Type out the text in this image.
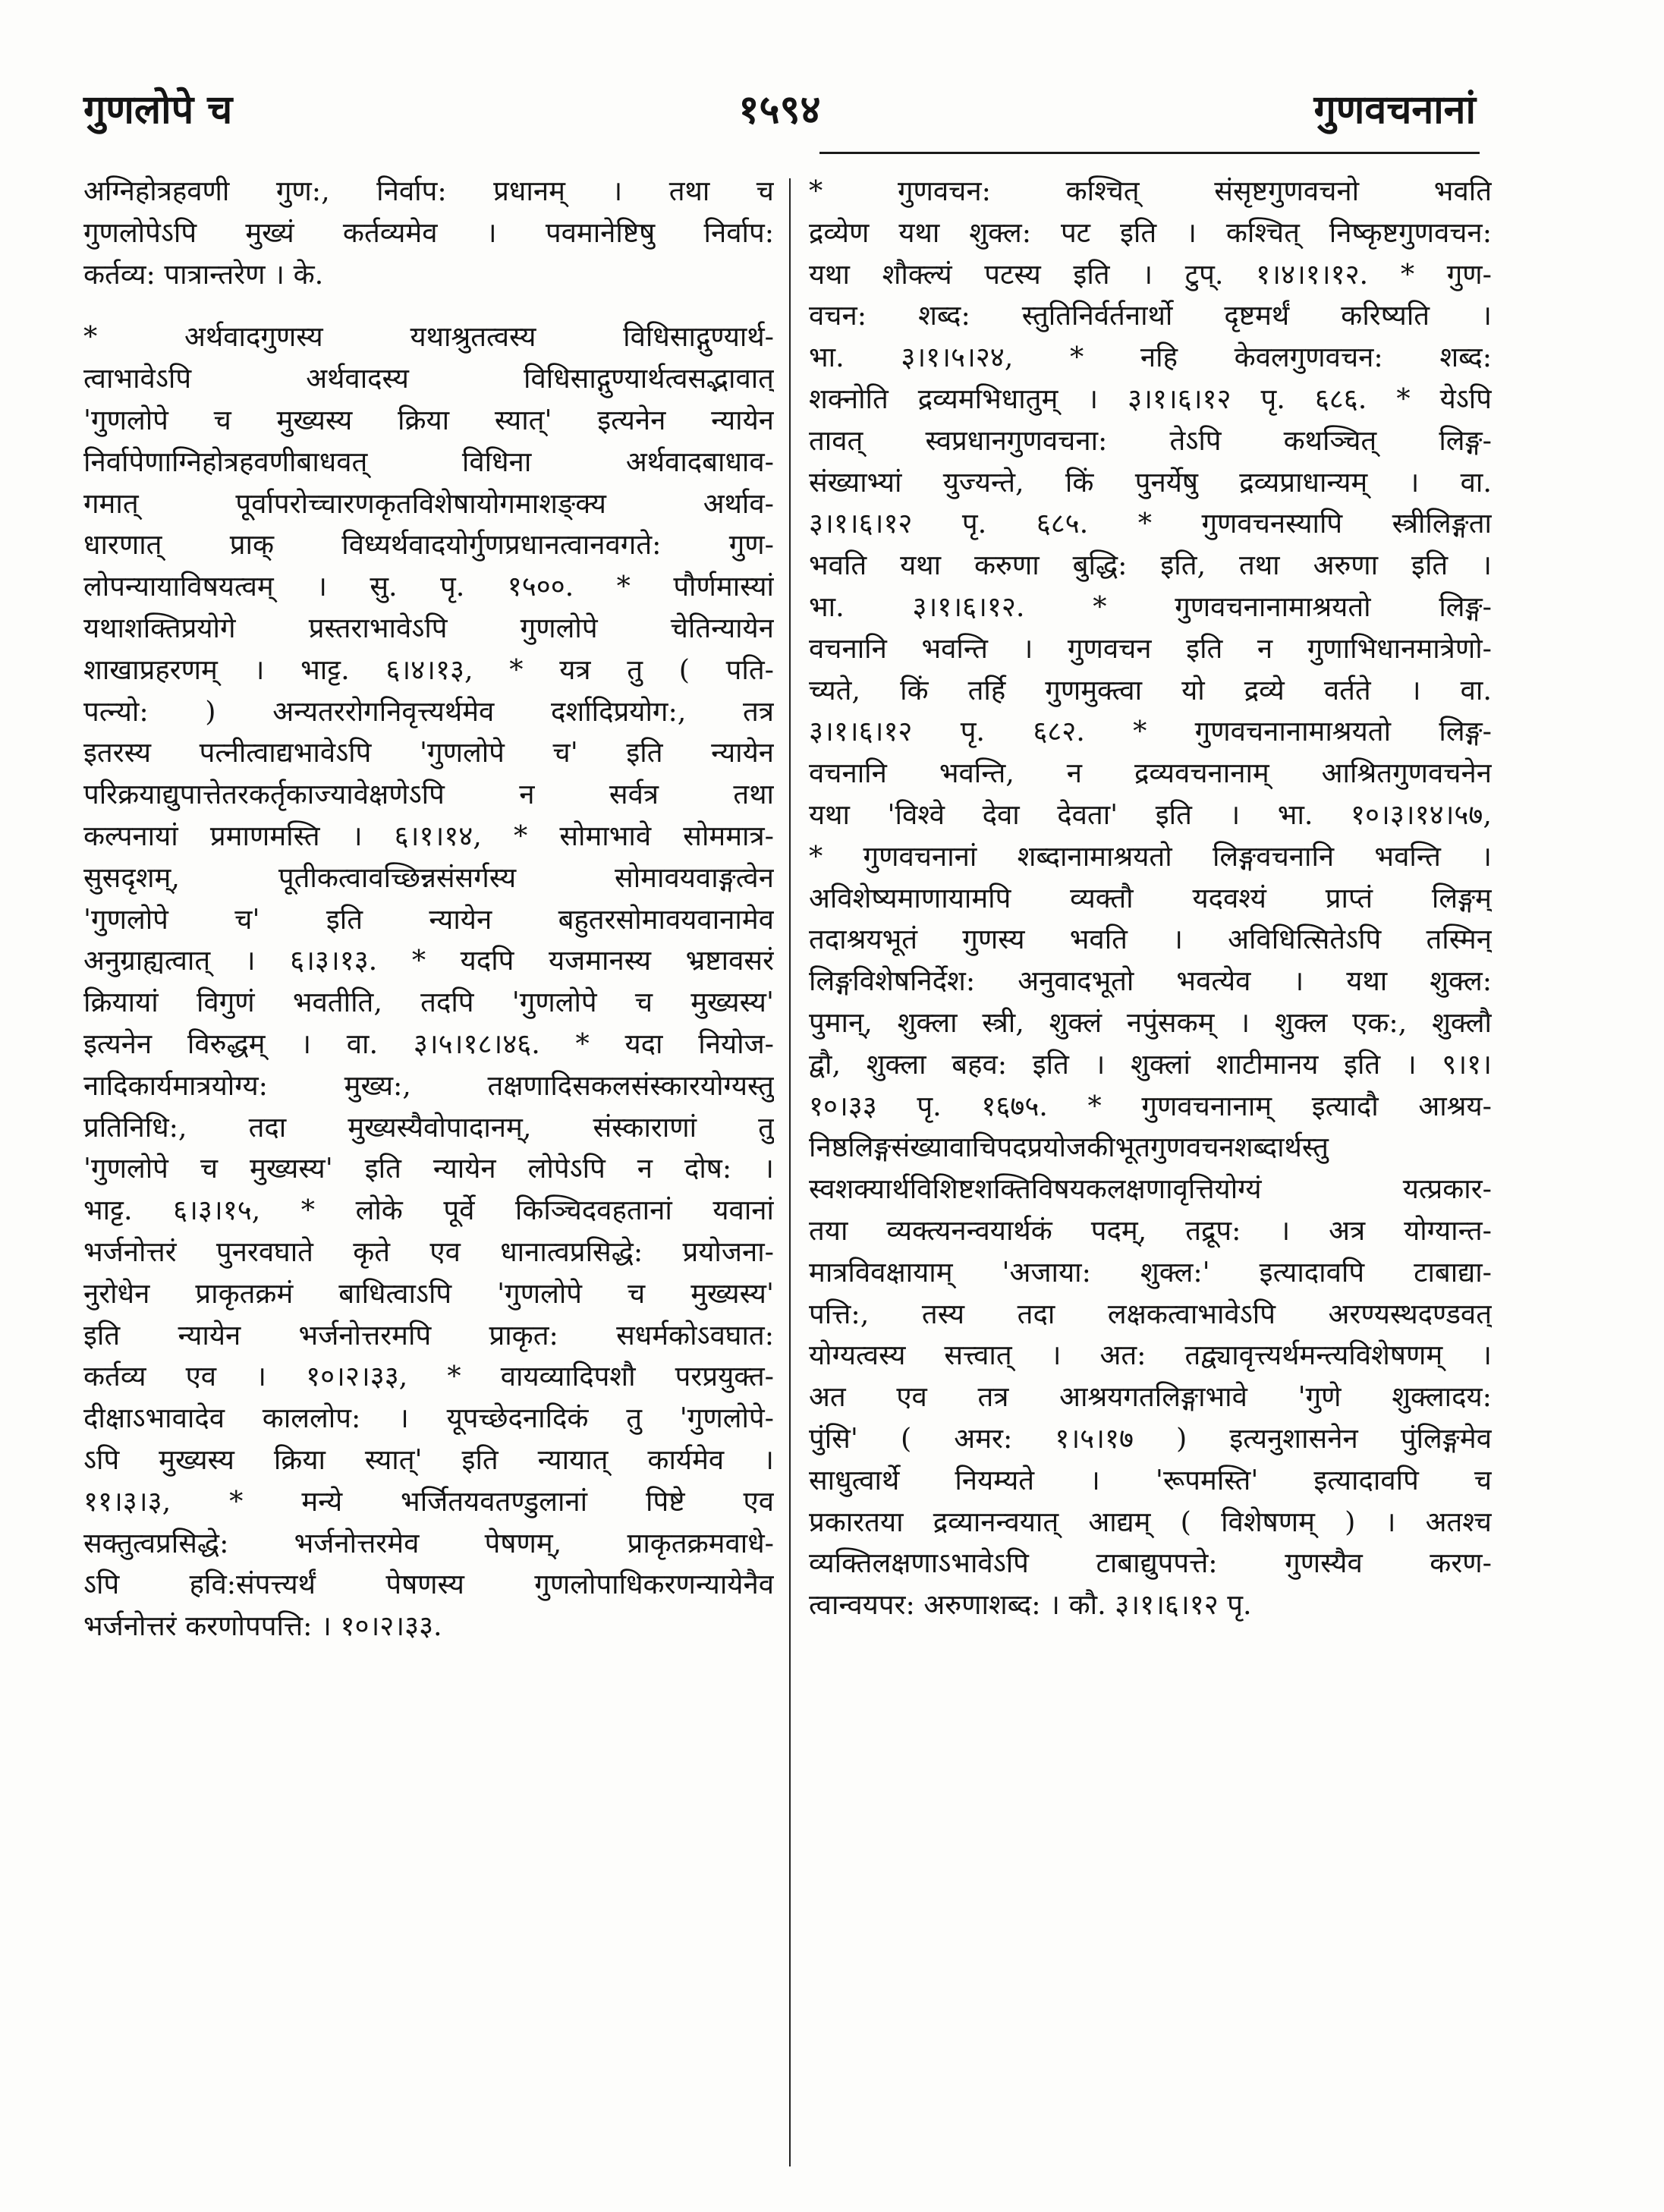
गुणलोपे च	१५९४	गुणवचनानां
अग्निहोत्रहवणी गुण:, निर्वाप: प्रधानम् । तथा च
गुणलोपेऽपि मुख्यं कर्तव्यमेव । पवमानेष्टिषु निर्वाप:
कर्तव्य: पात्रान्तरेण । के.
* अर्थवादगुणस्य यथाश्रुतत्वस्य विधिसाद्गुण्यार्थ-
त्वाभावेऽपि अर्थवादस्य विधिसाद्गुण्यार्थत्वसद्भावात्
'गुणलोपे च मुख्यस्य क्रिया स्यात्' इत्यनेन न्यायेन
निर्वापेणाग्निहोत्रहवणीबाधवत् विधिना अर्थवादबाधाव-
गमात् पूर्वापरोच्चारणकृतविशेषायोगमाशङ्क्य अर्थाव-
धारणात् प्राक् विध्यर्थवादयोर्गुणप्रधानत्वानवगते: गुण-
लोपन्यायाविषयत्वम् । सु. पृ. १५००. * पौर्णमास्यां
यथाशक्तिप्रयोगे प्रस्तराभावेऽपि गुणलोपे चेतिन्यायेन
शाखाप्रहरणम् । भाट्ट. ६।४।१३, * यत्र तु ( पति-
पत्न्यो: ) अन्यतररोगनिवृत्त्यर्थमेव दर्शादिप्रयोग:, तत्र
इतरस्य पत्नीत्वाद्यभावेऽपि 'गुणलोपे च' इति न्यायेन
परिक्रयाद्युपात्तेतरकर्तृकाज्यावेक्षणेऽपि न सर्वत्र तथा
कल्पनायां प्रमाणमस्ति । ६।१।१४, * सोमाभावे सोममात्र-
सुसदृशम्, पूतीकत्वावच्छिन्नसंसर्गस्य सोमावयवाङ्गत्वेन
'गुणलोपे च' इति न्यायेन बहुतरसोमावयवानामेव
अनुग्राह्यत्वात् । ६।३।१३. * यदपि यजमानस्य भ्रष्टावसरं
क्रियायां विगुणं भवतीति, तदपि 'गुणलोपे च मुख्यस्य'
इत्यनेन विरुद्धम् । वा. ३।५।१८।४६. * यदा नियोज-
नादिकार्यमात्रयोग्य: मुख्य:, तक्षणादिसकलसंस्कारयोग्यस्तु
प्रतिनिधि:, तदा मुख्यस्यैवोपादानम्, संस्काराणां तु
'गुणलोपे च मुख्यस्य' इति न्यायेन लोपेऽपि न दोष: ।
भाट्ट. ६।३।१५, * लोके पूर्वे किञ्चिदवहतानां यवानां
भर्जनोत्तरं पुनरवघाते कृते एव धानात्वप्रसिद्धे: प्रयोजना-
नुरोधेन प्राकृतक्रमं बाधित्वाऽपि 'गुणलोपे च मुख्यस्य'
इति न्यायेन भर्जनोत्तरमपि प्राकृत: सधर्मकोऽवघात:
कर्तव्य एव । १०।२।३३, * वायव्यादिपशौ परप्रयुक्त-
दीक्षाऽभावादेव काललोप: । यूपच्छेदनादिकं तु 'गुणलोपे-
ऽपि मुख्यस्य क्रिया स्यात्' इति न्यायात् कार्यमेव ।
११।३।३, * मन्ये भर्जितयवतण्डुलानां पिष्टे एव
सक्तुत्वप्रसिद्धे: भर्जनोत्तरमेव पेषणम्, प्राकृतक्रमवाधे-
ऽपि हवि:संपत्त्यर्थं पेषणस्य गुणलोपाधिकरणन्यायेनैव
भर्जनोत्तरं करणोपपत्ति: । १०।२।३३.
* गुणवचन: कश्चित् संसृष्टगुणवचनो भवति
द्रव्येण यथा शुक्ल: पट इति । कश्चित् निष्कृष्टगुणवचन:
यथा शौक्ल्यं पटस्य इति । टुप्. १।४।१।१२. * गुण-
वचन: शब्द: स्तुतिनिर्वर्तनार्थो दृष्टमर्थं करिष्यति ।
भा. ३।१।५।२४, * नहि केवलगुणवचन: शब्द:
शक्नोति द्रव्यमभिधातुम् । ३।१।६।१२ पृ. ६८६. * येऽपि
तावत् स्वप्रधानगुणवचना: तेऽपि कथञ्चित् लिङ्ग-
संख्याभ्यां युज्यन्ते, किं पुनर्येषु द्रव्यप्राधान्यम् । वा.
३।१।६।१२ पृ. ६८५. * गुणवचनस्यापि स्त्रीलिङ्गता
भवति यथा करुणा बुद्धि: इति, तथा अरुणा इति ।
भा. ३।१।६।१२. * गुणवचनानामाश्रयतो लिङ्ग-
वचनानि भवन्ति । गुणवचन इति न गुणाभिधानमात्रेणो-
च्यते, किं तर्हि गुणमुक्त्वा यो द्रव्ये वर्तते । वा.
३।१।६।१२ पृ. ६८२. * गुणवचनानामाश्रयतो लिङ्ग-
वचनानि भवन्ति, न द्रव्यवचनानाम् आश्रितगुणवचनेन
यथा 'विश्वे देवा देवता' इति । भा. १०।३।१४।५७,
* गुणवचनानां शब्दानामाश्रयतो लिङ्गवचनानि भवन्ति ।
अविशेष्यमाणायामपि व्यक्तौ यदवश्यं प्राप्तं लिङ्गम्
तदाश्रयभूतं गुणस्य भवति । अविधित्सितेऽपि तस्मिन्
लिङ्गविशेषनिर्देश: अनुवादभूतो भवत्येव । यथा शुक्ल:
पुमान्, शुक्ला स्त्री, शुक्लं नपुंसकम् । शुक्ल एक:, शुक्लौ
द्वौ, शुक्ला बहव: इति । शुक्लां शाटीमानय इति । ९।१।
१०।३३ पृ. १६७५. * गुणवचनानाम् इत्यादौ आश्रय-
निष्ठलिङ्गसंख्यावाचिपदप्रयोजकीभूतगुणवचनशब्दार्थस्तु
स्वशक्यार्थविशिष्टशक्तिविषयकलक्षणावृत्तियोग्यं यत्प्रकार-
तया व्यक्त्यनन्वयार्थकं पदम्, तद्रूप: । अत्र योग्यान्त-
मात्रविवक्षायाम् 'अजाया: शुक्ल:' इत्यादावपि टाबाद्या-
पत्ति:, तस्य तदा लक्षकत्वाभावेऽपि अरण्यस्थदण्डवत्
योग्यत्वस्य सत्त्वात् । अत: तद्व्यावृत्त्यर्थमन्त्यविशेषणम् ।
अत एव तत्र आश्रयगतलिङ्गाभावे 'गुणे शुक्लादय:
पुंसि' ( अमर: १।५।१७ ) इत्यनुशासनेन पुंलिङ्गमेव
साधुत्वार्थे नियम्यते । 'रूपमस्ति' इत्यादावपि च
प्रकारतया द्रव्यानन्वयात् आद्यम् ( विशेषणम् ) । अतश्च
व्यक्तिलक्षणाऽभावेऽपि टाबाद्युपपत्ते: गुणस्यैव करण-
त्वान्वयपर: अरुणाशब्द: । कौ. ३।१।६।१२ पृ.
